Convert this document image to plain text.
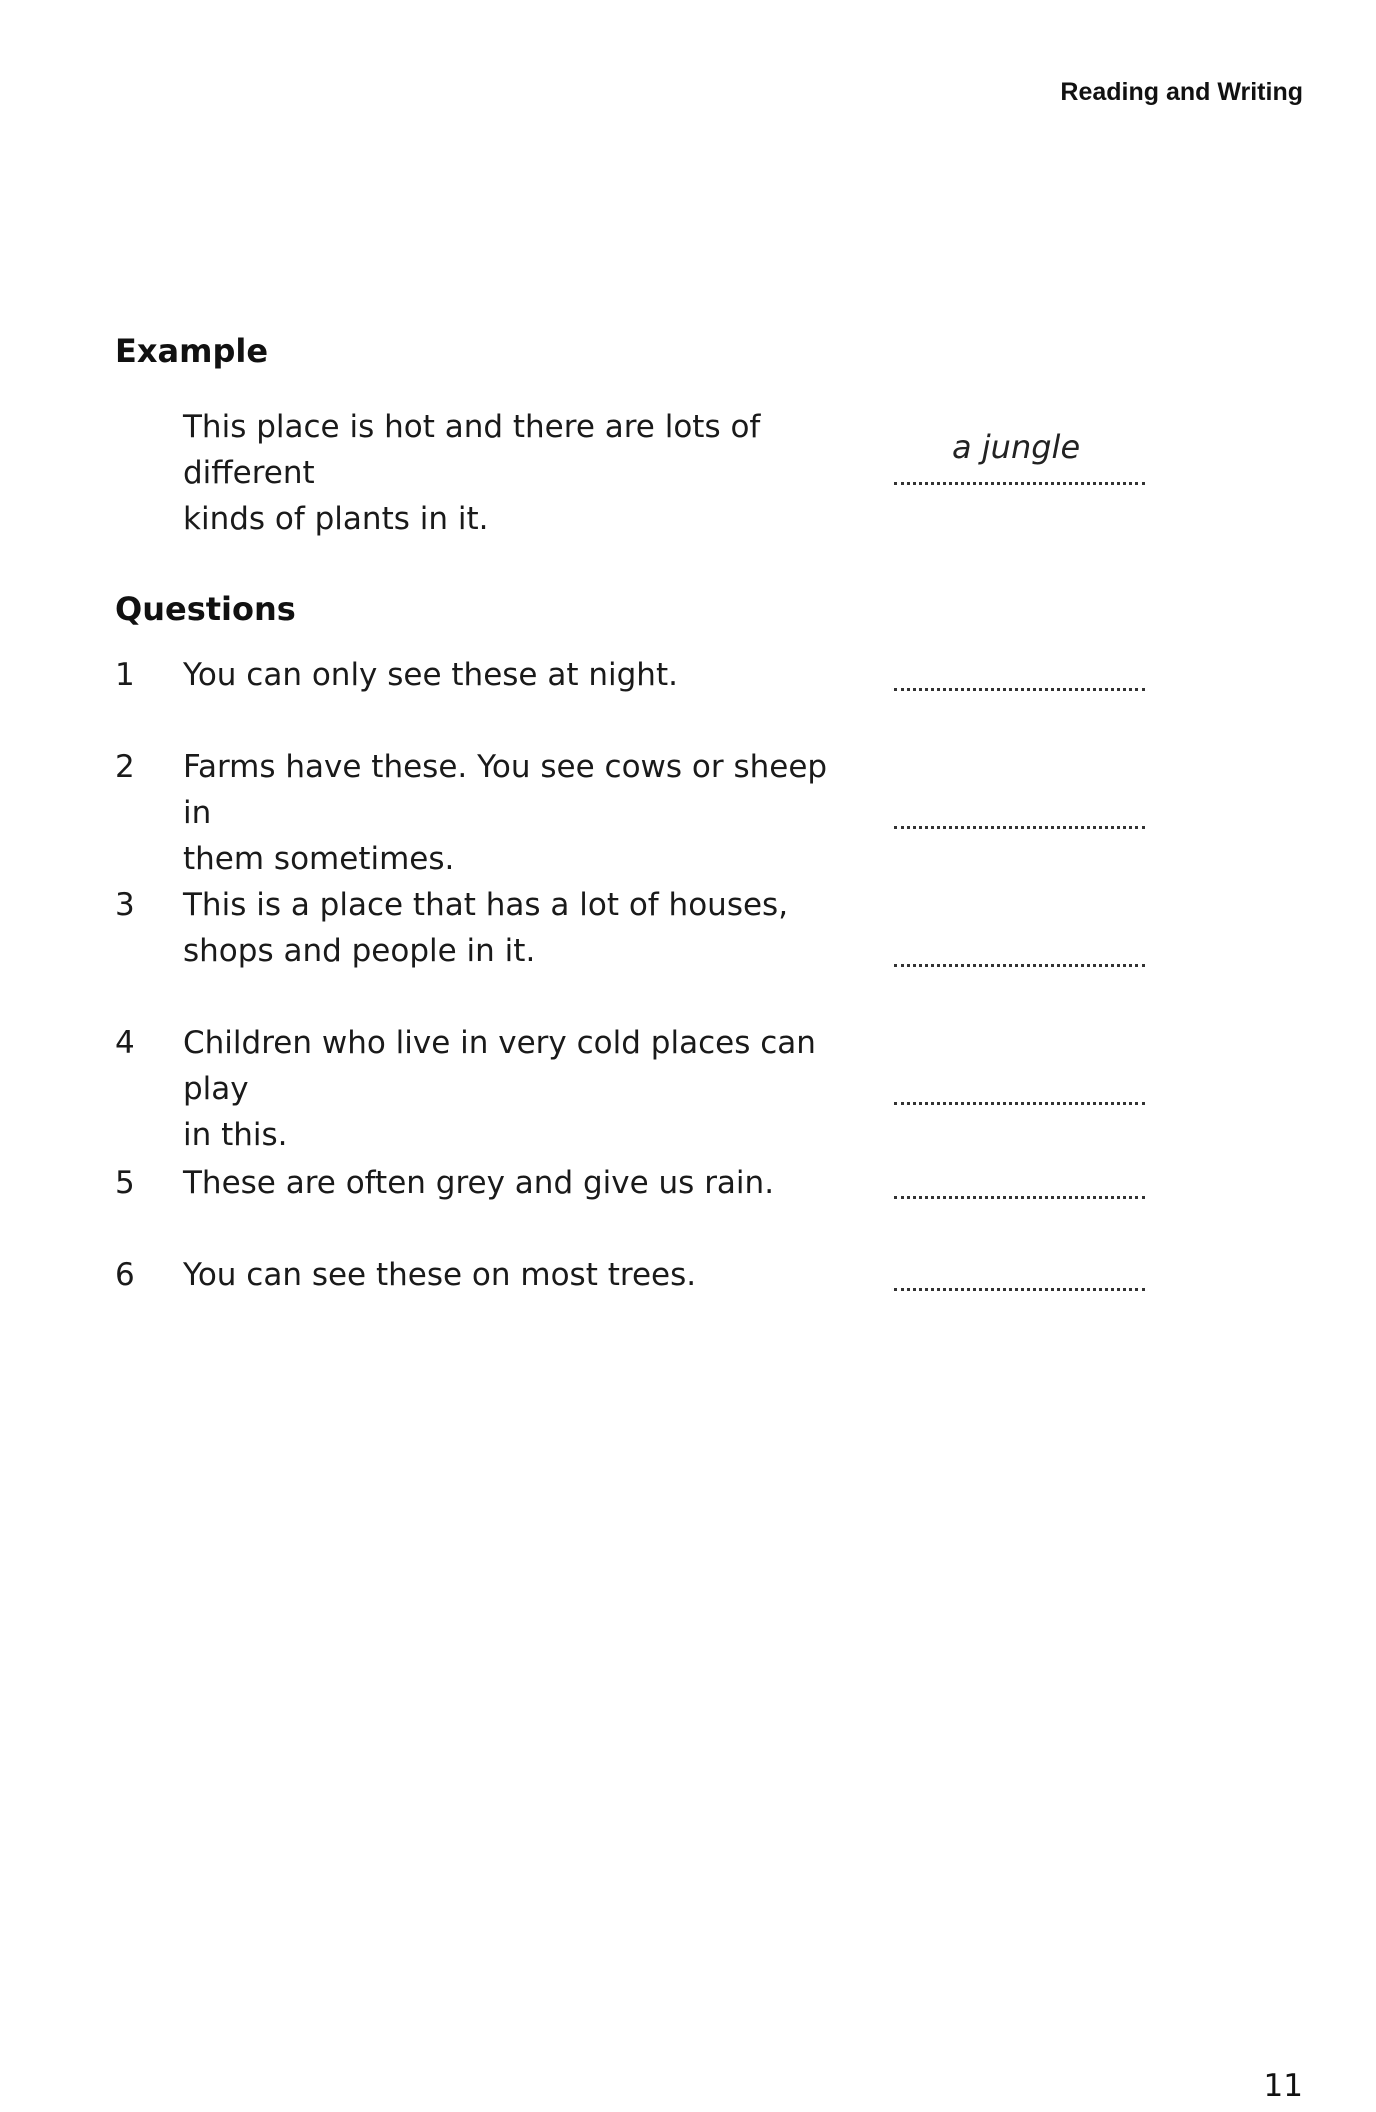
Reading and Writing
Example
This place is hot and there are lots of different
kinds of plants in it.
a jungle
Questions
1 You can only see these at night.
2 Farms have these. You see cows or sheep in
them sometimes.
3 This is a place that has a lot of houses,
shops and people in it.
4 Children who live in very cold places can play
in this.
5 These are often grey and give us rain.
6 You can see these on most trees.
11
